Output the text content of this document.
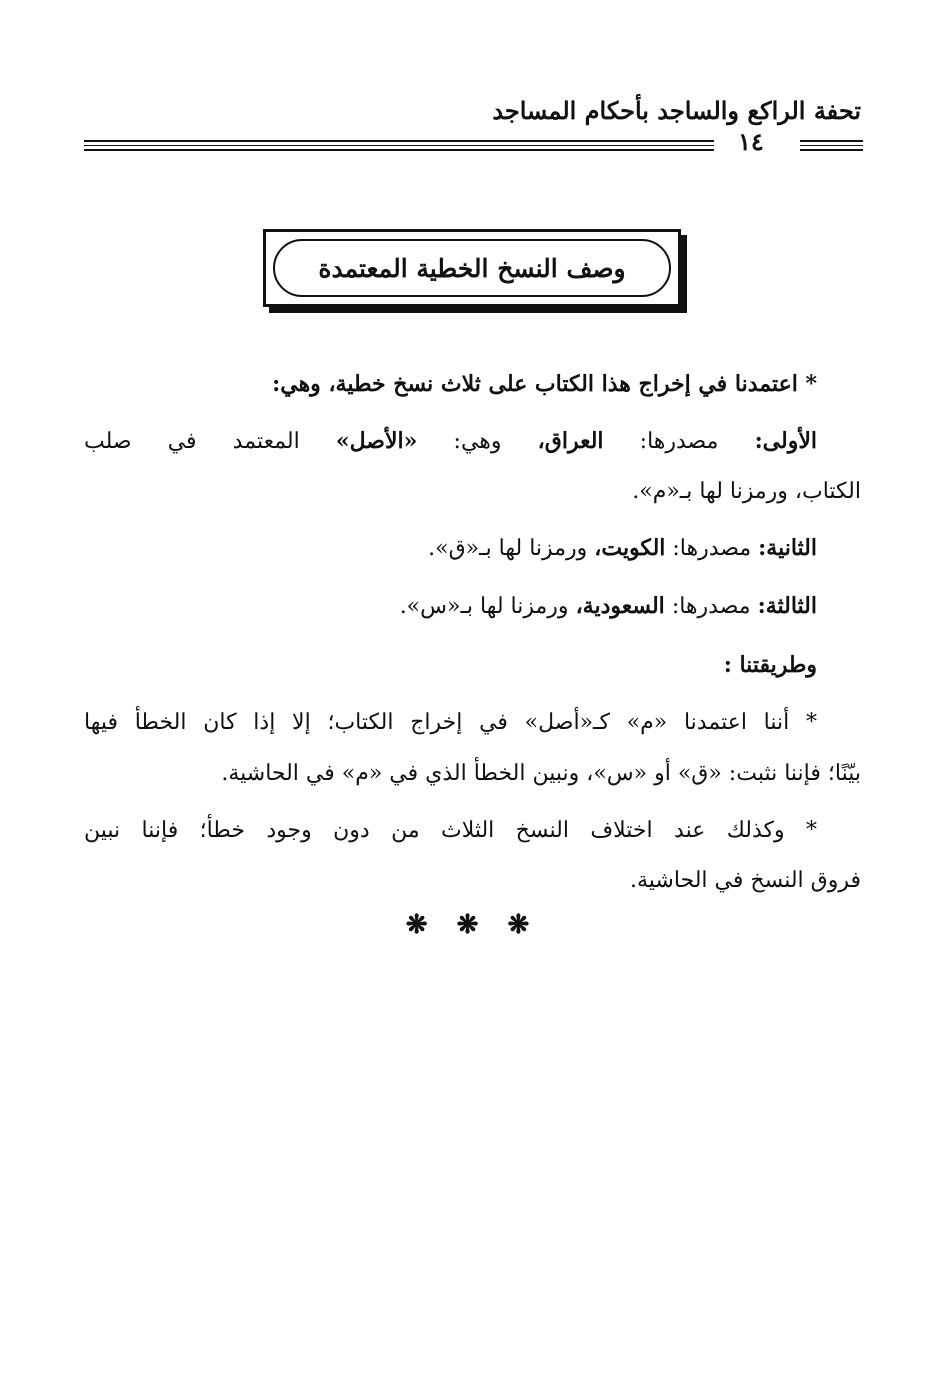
تحفة الراكع والساجد بأحكام المساجد
١٤
وصف النسخ الخطية المعتمدة
* اعتمدنا في إخراج هذا الكتاب على ثلاث نسخ خطية، وهي:
الأولى: مصدرها: العراق، وهي: «الأصل» المعتمد في صلب
الكتاب، ورمزنا لها بـ«م».
الثانية: مصدرها: الكويت، ورمزنا لها بـ«ق».
الثالثة: مصدرها: السعودية، ورمزنا لها بـ«س».
وطريقتنا :
* أننا اعتمدنا «م» كـ«أصل» في إخراج الكتاب؛ إلا إذا كان الخطأ فيها
بيّنًا؛ فإننا نثبت: «ق» أو «س»، ونبين الخطأ الذي في «م» في الحاشية.
* وكذلك عند اختلاف النسخ الثلاث من دون وجود خطأ؛ فإننا نبين
فروق النسخ في الحاشية.
❋ ❋ ❋
